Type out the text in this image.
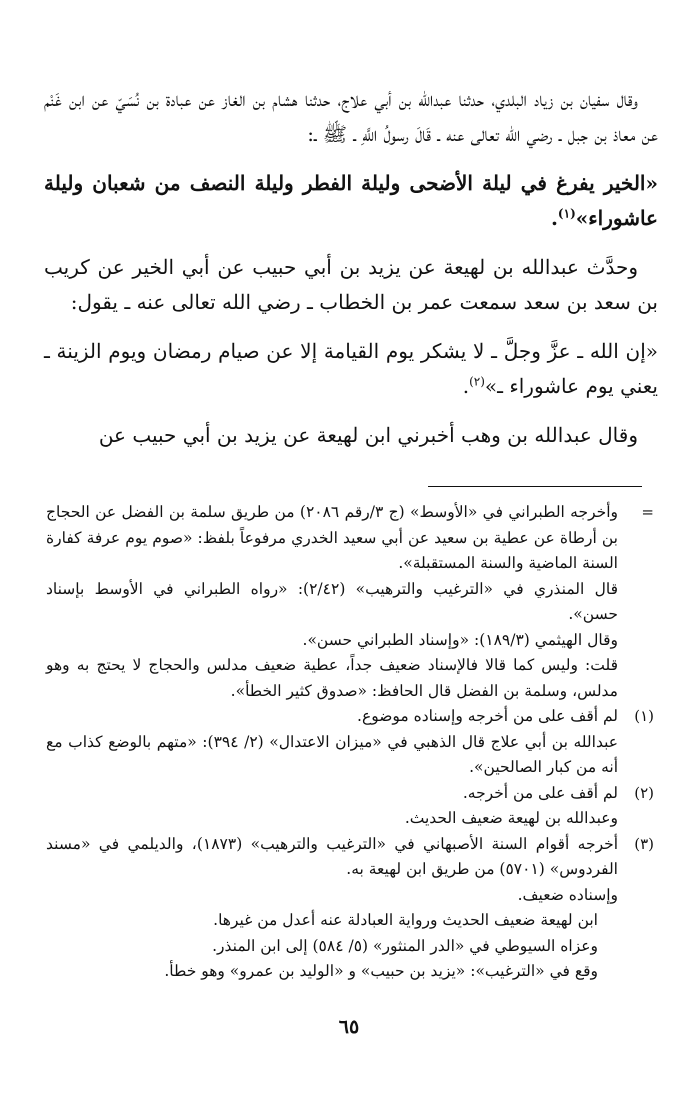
 وقال سفيان بن زياد البلدي، حدثنا عبدالله بن أبي علاج، حدثنا هشام بن الغاز عن عبادة بن نُسَيّ عن ابن غَنْم عن معاذ بن جبل ـ رضي الله تعالى عنه ـ قَالَ رسولُ اللَّهِ ـ ﷺ ـ:

«الخير يفرغ في ليلة الأضحى وليلة الفطر وليلة النصف من شعبان وليلة عاشوراء»$^{(١)}$.

 وحدَّث عبدالله بن لهيعة عن يزيد بن أبي حبيب عن أبي الخير عن كريب بن سعد بن سعد سمعت عمر بن الخطاب ـ رضي الله تعالى عنه ـ يقول:

«إن الله ـ عزَّ وجلَّ ـ لا يشكر يوم القيامة إلا عن صيام رمضان ويوم الزينة ـ يعني يوم عاشوراء ـ»$^{(٢)}$.

 وقال عبدالله بن وهب أخبرني ابن لهيعة عن يزيد بن أبي حبيب عن

=

وأخرجه الطبراني في «الأوسط» (ج ٣/رقم ٢٠٨٦) من طريق سلمة بن الفضل عن الحجاج بن أرطاة عن عطية بن سعيد عن أبي سعيد الخدري مرفوعاً بلفظ: «صوم يوم عرفة كفارة السنة الماضية والسنة المستقبلة».

قال المنذري في «الترغيب والترهيب» (٢/٤٢): «رواه الطبراني في الأوسط بإسناد حسن».

وقال الهيثمي (١٨٩/٣): «وإسناد الطبراني حسن».

قلت: وليس كما قالا فالإسناد ضعيف جداً، عطية ضعيف مدلس والحجاج لا يحتج به وهو مدلس، وسلمة بن الفضل قال الحافظ: «صدوق كثير الخطأ».

(١)

لم أقف على من أخرجه وإسناده موضوع.

عبدالله بن أبي علاج قال الذهبي في «ميزان الاعتدال» (٢/ ٣٩٤): «متهم بالوضع كذاب مع أنه من كبار الصالحين».

(٢)

لم أقف على من أخرجه.

وعبدالله بن لهيعة ضعيف الحديث.

(٣)

أخرجه أقوام السنة الأصبهاني في «الترغيب والترهيب» (١٨٧٣)، والديلمي في «مسند الفردوس» (٥٧٠١) من طريق ابن لهيعة به.

وإسناده ضعيف.

ابن لهيعة ضعيف الحديث ورواية العبادلة عنه أعدل من غيرها.

وعزاه السيوطي في «الدر المنثور» (٥/ ٥٨٤) إلى ابن المنذر.

وقع في «الترغيب»: «يزيد بن حبيب» و «الوليد بن عمرو» وهو خطأ.

٦٥
